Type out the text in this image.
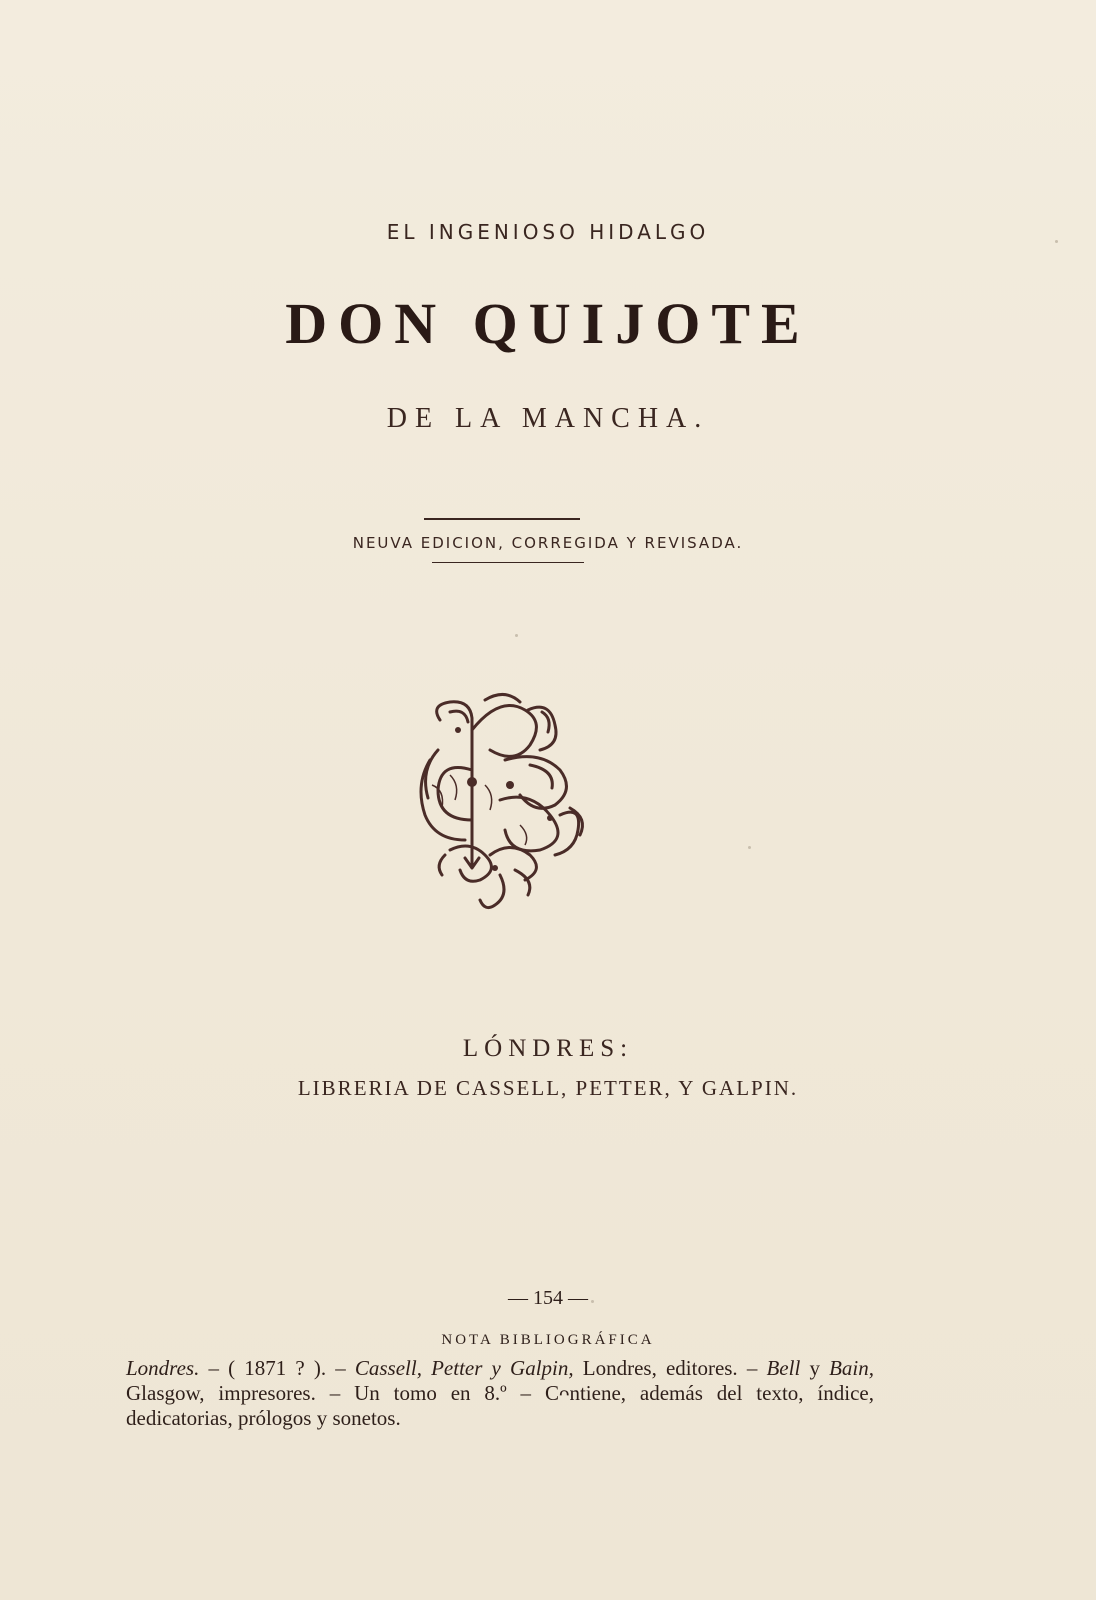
EL INGENIOSO HIDALGO
DON QUIJOTE
DE LA MANCHA.
NEUVA EDICION, CORREGIDA Y REVISADA.
LÓNDRES:
LIBRERIA DE CASSELL, PETTER, Y GALPIN.
— 154 —
NOTA BIBLIOGRÁFICA
Londres. – ( 1871 ? ). – Cassell, Petter y Galpin, Londres, editores. – Bell y Bain, Glasgow, impresores. – Un tomo en 8.º – Cᴖntiene, además del texto, índice, dedicatorias, prólogos y sonetos.
